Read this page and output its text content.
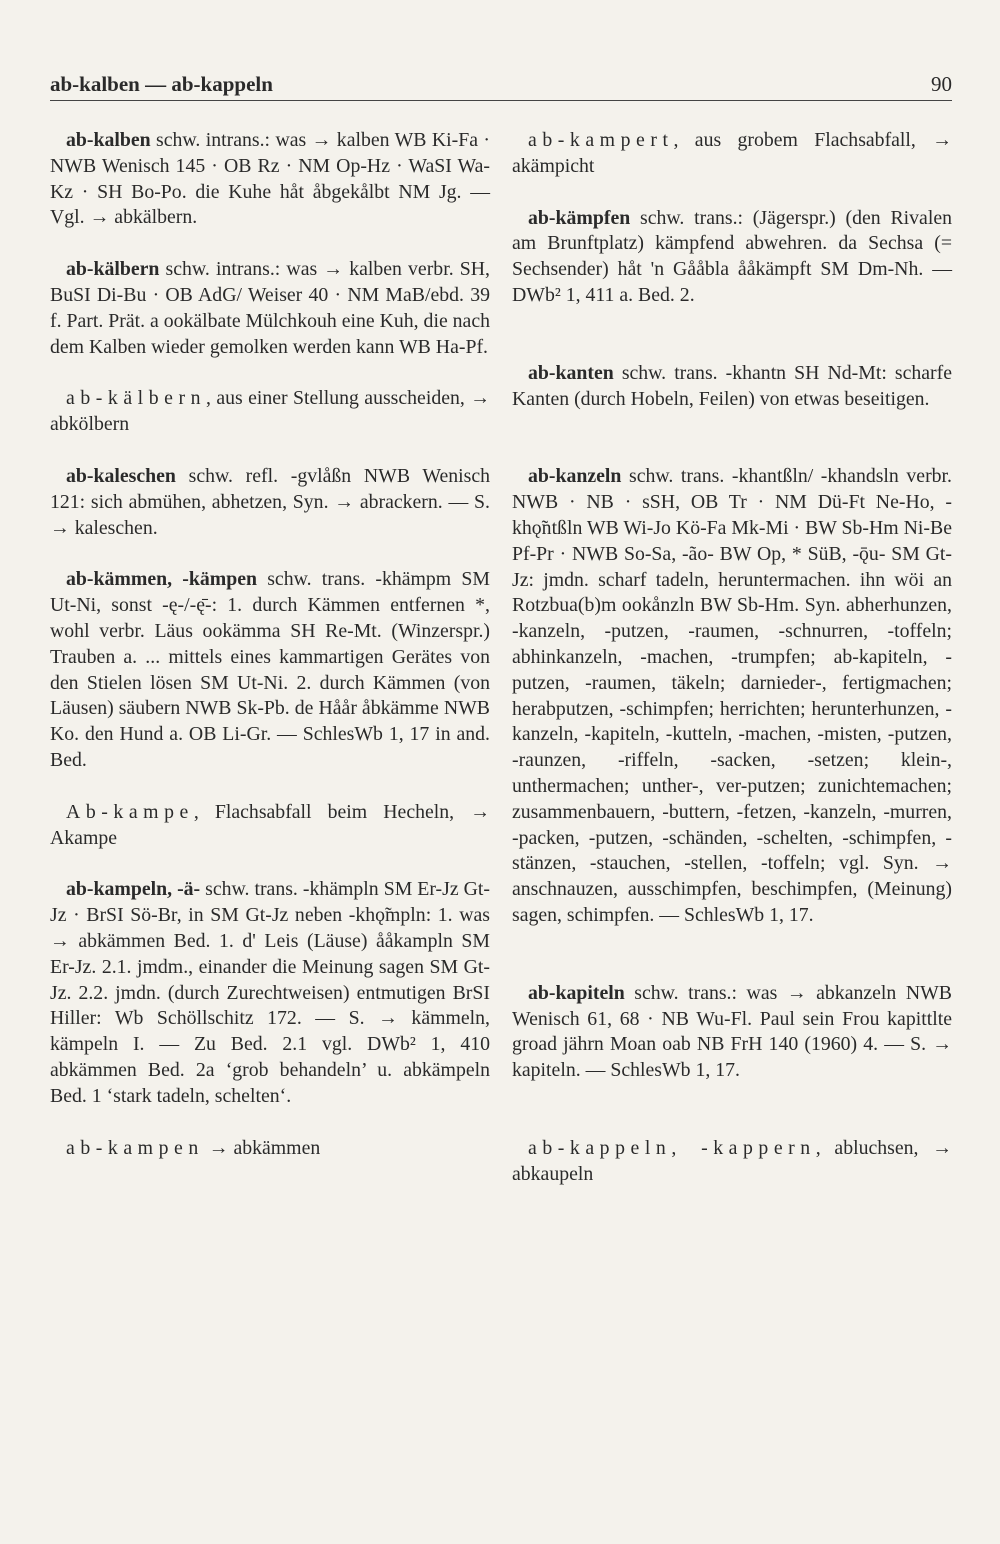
ab-kalben — ab-kappeln	90

ab-kalben schw. intrans.: was → kalben WB Ki-Fa · NWB Wenisch 145 · OB Rz · NM Op-Hz · WaSI Wa-Kz · SH Bo-Po. die Kuhe håt åbgekålbt NM Jg. — Vgl. → abkälbern.

ab-kälbern schw. intrans.: was → kalben verbr. SH, BuSI Di-Bu · OB AdG/ Weiser 40 · NM MaB/ebd. 39 f. Part. Prät. a ookälbate Mülchkouh eine Kuh, die nach dem Kalben wieder gemolken werden kann WB Ha-Pf.

ab-kälbern, aus einer Stellung ausscheiden, → abkölbern

ab-kaleschen schw. refl. -gvlåßn NWB Wenisch 121: sich abmühen, abhetzen, Syn. → abrackern. — S. → kaleschen.

ab-kämmen, -kämpen schw. trans. -khämpm SM Ut-Ni, sonst -ę-/-ę̄-: 1. durch Kämmen entfernen *, wohl verbr. Läus ookämma SH Re-Mt. (Winzerspr.) Trauben a. ... mittels eines kammartigen Gerätes von den Stielen lösen SM Ut-Ni. 2. durch Kämmen (von Läusen) säubern NWB Sk-Pb. de Håår åbkämme NWB Ko. den Hund a. OB Li-Gr. — SchlesWb 1, 17 in and. Bed.

Ab-kampe, Flachsabfall beim Hecheln, → Akampe

ab-kampeln, -ä- schw. trans. -khämpln SM Er-Jz Gt-Jz · BrSI Sö-Br, in SM Gt-Jz neben -khǫ̃mpln: 1. was → abkämmen Bed. 1. d' Leis (Läuse) ååkampln SM Er-Jz. 2.1. jmdm., einander die Meinung sagen SM Gt-Jz. 2.2. jmdn. (durch Zurechtweisen) entmutigen BrSI Hiller: Wb Schöllschitz 172. — S. → kämmeln, kämpeln I. — Zu Bed. 2.1 vgl. DWb² 1, 410 abkämmen Bed. 2a ‘grob behandeln’ u. abkämpeln Bed. 1 ‘stark tadeln, schelten‘.

ab-kampen → abkämmen

ab-kampert, aus grobem Flachsabfall, → akämpicht

ab-kämpfen schw. trans.: (Jägerspr.) (den Rivalen am Brunftplatz) kämpfend abwehren. da Sechsa (= Sechsender) håt 'n Gååbla ååkämpft SM Dm-Nh. — DWb² 1, 411 a. Bed. 2.

ab-kanten schw. trans. -khantn SH Nd-Mt: scharfe Kanten (durch Hobeln, Feilen) von etwas beseitigen.

ab-kanzeln schw. trans. -khantßln/ -khandsln verbr. NWB · NB · sSH, OB Tr · NM Dü-Ft Ne-Ho, -khǫ̃ntßln WB Wi-Jo Kö-Fa Mk-Mi · BW Sb-Hm Ni-Be Pf-Pr · NWB So-Sa, -ão- BW Op, * SüB, -ǭu- SM Gt-Jz: jmdn. scharf tadeln, heruntermachen. ihn wöi an Rotzbua(b)m ookånzln BW Sb-Hm. Syn. abherhunzen, -kanzeln, -putzen, -raumen, -schnurren, -toffeln; abhinkanzeln, -machen, -trumpfen; ab-kapiteln, -putzen, -raumen, täkeln; darnieder-, fertigmachen; herabputzen, -schimpfen; herrichten; herunterhunzen, -kanzeln, -kapiteln, -kutteln, -machen, -misten, -putzen, -raunzen, -riffeln, -sacken, -setzen; klein-, unthermachen; unther-, ver-putzen; zunichtemachen; zusammenbauern, -buttern, -fetzen, -kanzeln, -murren, -packen, -putzen, -schänden, -schelten, -schimpfen, -stänzen, -stauchen, -stellen, -toffeln; vgl. Syn. → anschnauzen, ausschimpfen, beschimpfen, (Meinung) sagen, schimpfen. — SchlesWb 1, 17.

ab-kapiteln schw. trans.: was → abkanzeln NWB Wenisch 61, 68 · NB Wu-Fl. Paul sein Frou kapittlte groad jährn Moan oab NB FrH 140 (1960) 4. — S. → kapiteln. — SchlesWb 1, 17.

ab-kappeln, -kappern, abluchsen, → abkaupeln
